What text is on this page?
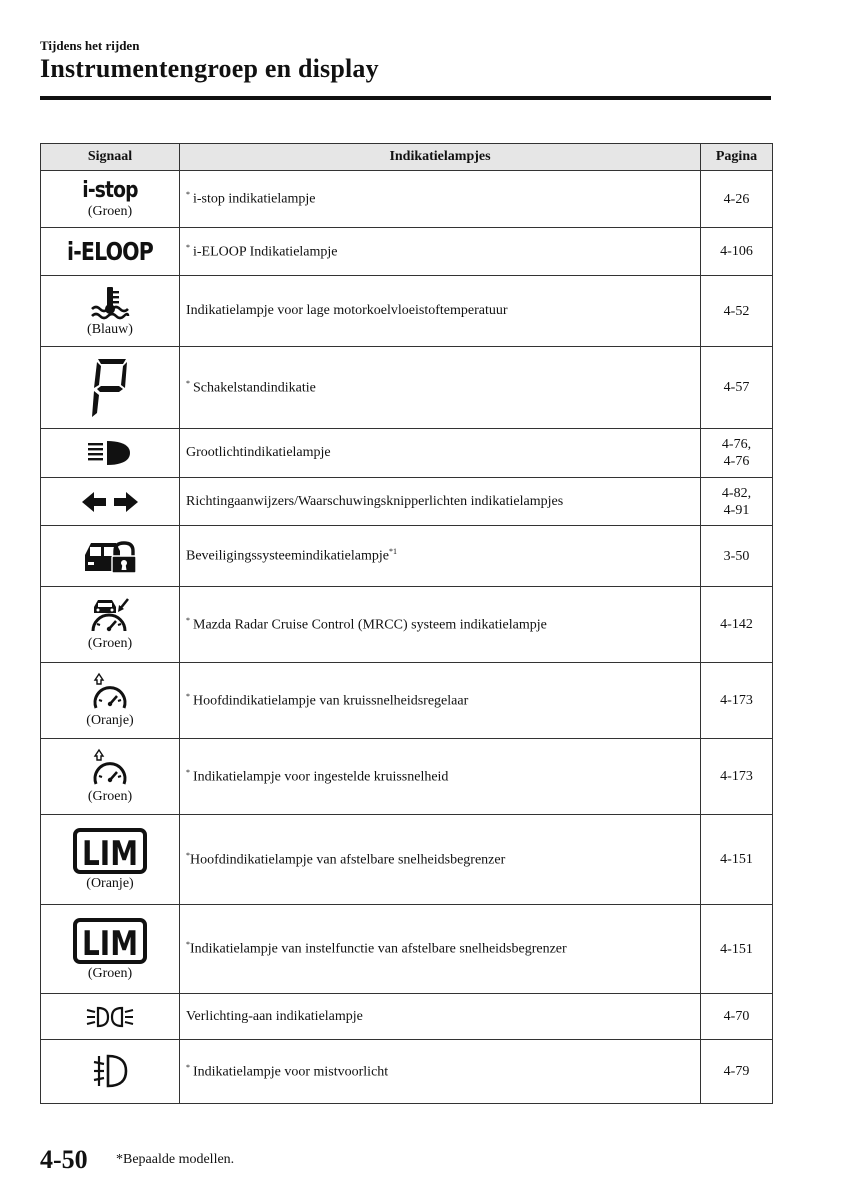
Tijdens het rijden
Instrumentengroep en display
Signaal	Indikatielampjes	Pagina

i-stop
(Groen)	* i-stop indikatielampje	4-26

i-ELOOP	* i-ELOOP Indikatielampje	4-106

(Blauw)	Indikatielampje voor lage motorkoelvloeistoftemperatuur	4-52

	* Schakelstandindikatie	4-57

	Grootlichtindikatielampje	4-76,
4-76

	Richtingaanwijzers/Waarschuwingsknipperlichten indikatielampjes	4-82,
4-91

	Beveiligingssysteemindikatielampje$^{*1}$	3-50

(Groen)	* Mazda Radar Cruise Control (MRCC) systeem indikatielampje	4-142

(Oranje)	* Hoofdindikatielampje van kruissnelheidsregelaar	4-173

(Groen)	* Indikatielampje voor ingestelde kruissnelheid	4-173

LIM
(Oranje)	*Hoofdindikatielampje van afstelbare snelheidsbegrenzer	4-151

LIM
(Groen)	*Indikatielampje van instelfunctie van afstelbare snelheidsbegrenzer	4-151

	Verlichting-aan indikatielampje	4-70

	* Indikatielampje voor mistvoorlicht	4-79
4-50 *Bepaalde modellen.
